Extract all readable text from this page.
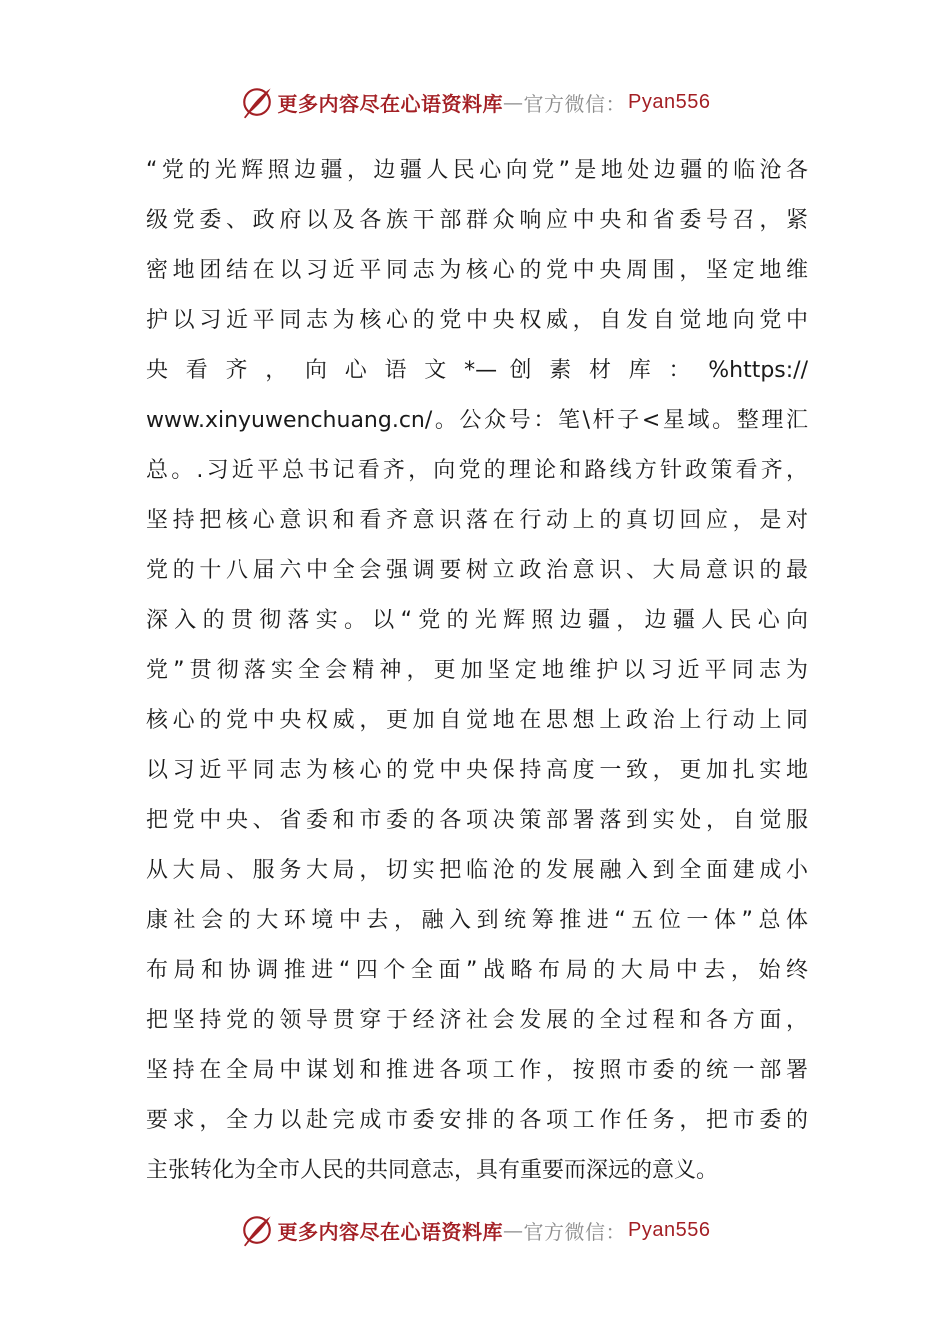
更多内容尽在心语资料库 — 官方微信： Pyan556
“党的光辉照边疆，边疆人民心向党”是地处边疆的临沧各
级党委、政府以及各族干部群众响应中央和省委号召，紧
密地团结在以习近平同志为核心的党中央周围，坚定地维
护以习近平同志为核心的党中央权威，自发自觉地向党中
央 看 齐 ， 向 心 语 文 *— 创 素 材 库 ： %https://
www.xinyuwenchuang.cn/。公众号：笔\杆子<星域。整理汇
总。.习近平总书记看齐，向党的理论和路线方针政策看齐，
坚持把核心意识和看齐意识落在行动上的真切回应，是对
党的十八届六中全会强调要树立政治意识、大局意识的最
深入的贯彻落实。以“党的光辉照边疆，边疆人民心向
党”贯彻落实全会精神，更加坚定地维护以习近平同志为
核心的党中央权威，更加自觉地在思想上政治上行动上同
以习近平同志为核心的党中央保持高度一致，更加扎实地
把党中央、省委和市委的各项决策部署落到实处，自觉服
从大局、服务大局，切实把临沧的发展融入到全面建成小
康社会的大环境中去，融入到统筹推进“五位一体”总体
布局和协调推进“四个全面”战略布局的大局中去，始终
把坚持党的领导贯穿于经济社会发展的全过程和各方面，
坚持在全局中谋划和推进各项工作，按照市委的统一部署
要求，全力以赴完成市委安排的各项工作任务，把市委的
主张转化为全市人民的共同意志，具有重要而深远的意义。
更多内容尽在心语资料库 — 官方微信： Pyan556
